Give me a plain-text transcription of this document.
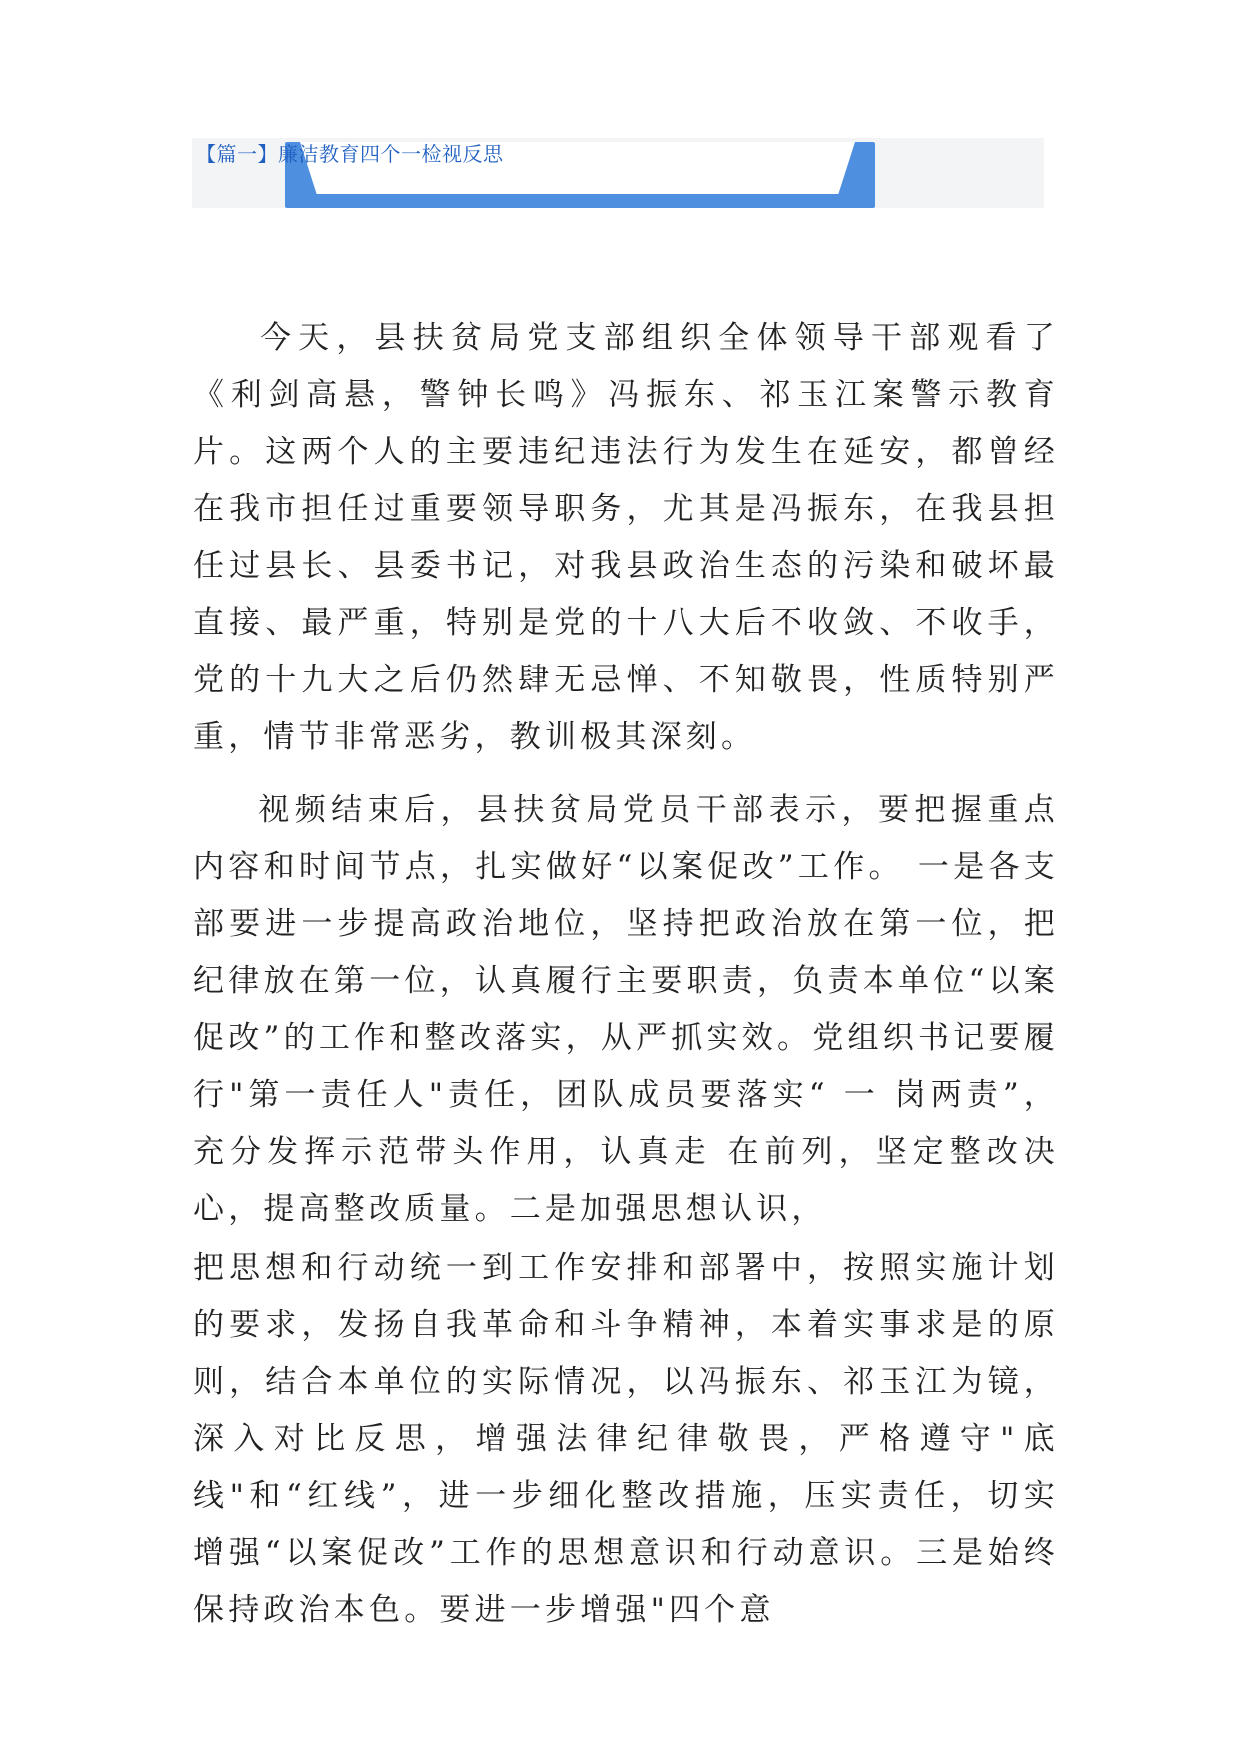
【篇一】廉洁教育四个一检视反思

今天，县扶贫局党支部组织全体领导干部观看了《利剑高悬，警钟长鸣》冯振东、祁玉江案警示教育片。这两个人的主要违纪违法行为发生在延安，都曾经在我市担任过重要领导职务，尤其是冯振东，在我县担任过县长、县委书记，对我县政治生态的污染和破坏最直接、最严重，特别是党的十八大后不收敛、不收手，党的十九大之后仍然肆无忌惮、不知敬畏，性质特别严重，情节非常恶劣，教训极其深刻。

视频结束后，县扶贫局党员干部表示，要把握重点内容和时间节点，扎实做好“以案促改”工作。 一是各支部要进一步提高政治地位，坚持把政治放在第一位，把纪律放在第一位，认真履行主要职责，负责本单位“以案促改”的工作和整改落实，从严抓实效。党组织书记要履行"第一责任人"责任，团队成员要落实“ 一 岗两责”，充分发挥示范带头作用，认真走 在前列，坚定整改决心，提高整改质量。二是加强思想认识，

把思想和行动统一到工作安排和部署中，按照实施计划的要求，发扬自我革命和斗争精神，本着实事求是的原则，结合本单位的实际情况，以冯振东、祁玉江为镜，深入对比反思，增强法律纪律敬畏，严格遵守"底线"和“红线”，进一步细化整改措施，压实责任，切实增强“以案促改”工作的思想意识和行动意识。三是始终保持政治本色。要进一步增强"四个意
